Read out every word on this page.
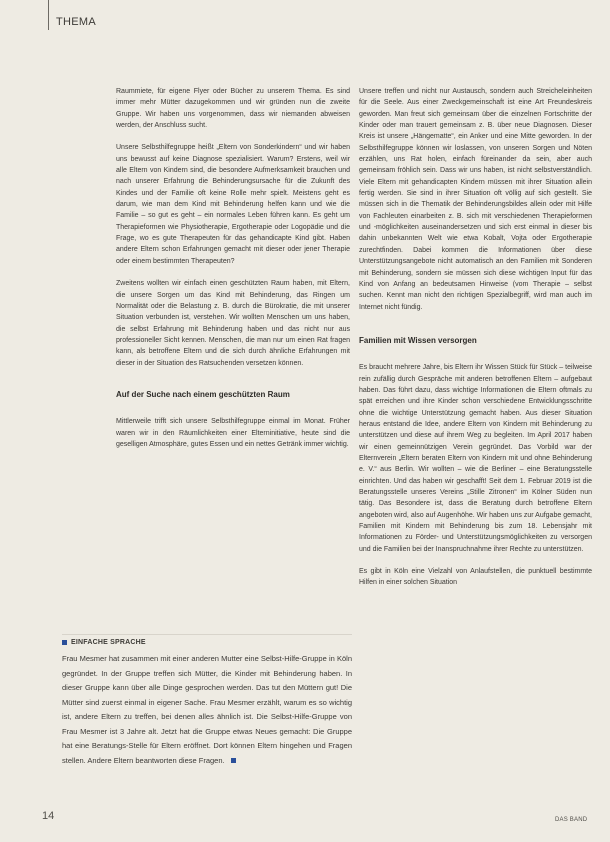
THEMA

Raummiete, für eigene Flyer oder Bücher zu unserem Thema. Es sind immer mehr Mütter dazugekommen und wir gründen nun die zweite Gruppe. Wir haben uns vorgenommen, dass wir niemanden abweisen werden, der Anschluss sucht.

Unsere Selbsthilfegruppe heißt „Eltern von Sonderkindern“ und wir haben uns bewusst auf keine Diagnose spezialisiert. Warum? Erstens, weil wir alle Eltern von Kindern sind, die besondere Aufmerksamkeit brauchen und nach unserer Erfahrung die Behinderungsursache für die Zukunft des Kindes und der Familie oft keine Rolle mehr spielt. Meistens geht es darum, wie man dem Kind mit Behinderung helfen kann und wie die Familie – so gut es geht – ein normales Leben führen kann. Es geht um Therapieformen wie Physiotherapie, Ergotherapie oder Logopädie und die Frage, wo es gute Therapeuten für das gehandicapte Kind gibt. Haben andere Eltern schon Erfahrungen gemacht mit dieser oder jener Therapie oder einem bestimmten Therapeuten?

Zweitens wollten wir einfach einen geschützten Raum haben, mit Eltern, die unsere Sorgen um das Kind mit Behinderung, das Ringen um Normalität oder die Belastung z. B. durch die Bürokratie, die mit unserer Situation verbunden ist, verstehen. Wir wollten Menschen um uns haben, die selbst Erfahrung mit Behinderung haben und das nicht nur aus professioneller Sicht kennen. Menschen, die man nur um einen Rat fragen kann, als betroffene Eltern und die sich durch ähnliche Erfahrungen mit dieser in der Situation des Ratsuchenden versetzen können.

Auf der Suche nach einem geschützten Raum

Mittlerweile trifft sich unsere Selbsthilfegruppe einmal im Monat. Früher waren wir in den Räumlichkeiten einer Elterninitiative, heute sind die geselligen Atmosphäre, gutes Essen und ein nettes Getränk immer wichtig.

Unsere treffen und nicht nur Austausch, sondern auch Streicheleinheiten für die Seele. Aus einer Zweckgemeinschaft ist eine Art Freundeskreis geworden. Man freut sich gemeinsam über die einzelnen Fortschritte der Kinder oder man trauert gemeinsam z. B. über neue Diagnosen. Dieser Kreis ist unsere „Hängematte“, ein Anker und eine Mitte geworden. In der Selbsthilfegruppe können wir loslassen, von unseren Sorgen und Nöten erzählen, uns Rat holen, einfach füreinander da sein, aber auch gemeinsam fröhlich sein. Dass wir uns haben, ist nicht selbstverständlich. Viele Eltern mit gehandicapten Kindern müssen mit ihrer Situation allein fertig werden. Sie sind in ihrer Situation oft völlig auf sich gestellt. Sie müssen sich in die Thematik der Behinderungsbildes allein oder mit Hilfe von Fachleuten einarbeiten z. B. sich mit verschiedenen Therapieformen und -möglichkeiten auseinandersetzen und sich erst einmal in dieser bis dahin unbekannten Welt wie etwa Kobalt, Vojta oder Ergotherapie zurechtfinden. Dabei kommen die Informationen über diese Unterstützungsangebote nicht automatisch an den Familien mit Sonderen mit Behinderung, sondern sie müssen sich diese wichtigen Input für das Kind von Anfang an bedeutsamen Hinweise (vom Therapie – selbst suchen. Kennt man nicht den richtigen Spezialbegriff, wird man auch im Internet nicht fündig.

Familien mit Wissen versorgen

Es braucht mehrere Jahre, bis Eltern ihr Wissen Stück für Stück – teilweise rein zufällig durch Gespräche mit anderen betroffenen Eltern – aufgebaut haben. Das führt dazu, dass wichtige Informationen die Eltern oftmals zu spät erreichen und ihre Kinder schon verschiedene Entwicklungsschritte ohne die wichtige Unterstützung gemacht haben. Aus dieser Situation heraus entstand die Idee, andere Eltern von Kindern mit Behinderung zu unterstützen und diese auf ihrem Weg zu begleiten. Im April 2017 haben wir einen gemeinnützigen Verein gegründet. Das Vorbild war der Elternverein „Eltern beraten Eltern von Kindern mit und ohne Behinderung e. V.“ aus Berlin. Wir wollten – wie die Berliner – eine Beratungsstelle einrichten. Und das haben wir geschafft! Seit dem 1. Februar 2019 ist die Beratungsstelle unseres Vereins „Stille Zitronen“ im Kölner Süden nun tätig. Das Besondere ist, dass die Beratung durch betroffene Eltern angeboten wird, also auf Augenhöhe. Wir haben uns zur Aufgabe gemacht, Familien mit Kindern mit Behinderung bis zum 18. Lebensjahr mit Informationen zu Förder- und Unterstützungsmöglichkeiten zu versorgen und die Familien bei der Inanspruchnahme ihrer Rechte zu unterstützen.

Es gibt in Köln eine Vielzahl von Anlaufstellen, die punktuell bestimmte Hilfen in einer solchen Situation

EINFACHE SPRACHE

Frau Mesmer hat zusammen mit einer anderen Mutter eine Selbst-Hilfe-Gruppe in Köln gegründet. In der Gruppe treffen sich Mütter, die Kinder mit Behinderung haben. In dieser Gruppe kann über alle Dinge gesprochen werden. Das tut den Müttern gut! Die Mütter sind zuerst einmal in eigener Sache. Frau Mesmer erzählt, warum es so wichtig ist, andere Eltern zu treffen, bei denen alles ähnlich ist. Die Selbst-Hilfe-Gruppe von Frau Mesmer ist 3 Jahre alt. Jetzt hat die Gruppe etwas Neues gemacht: Die Gruppe hat eine Beratungs-Stelle für Eltern eröffnet. Dort können Eltern hingehen und Fragen stellen. Andere Eltern beantworten diese Fragen.

14	DAS BAND
